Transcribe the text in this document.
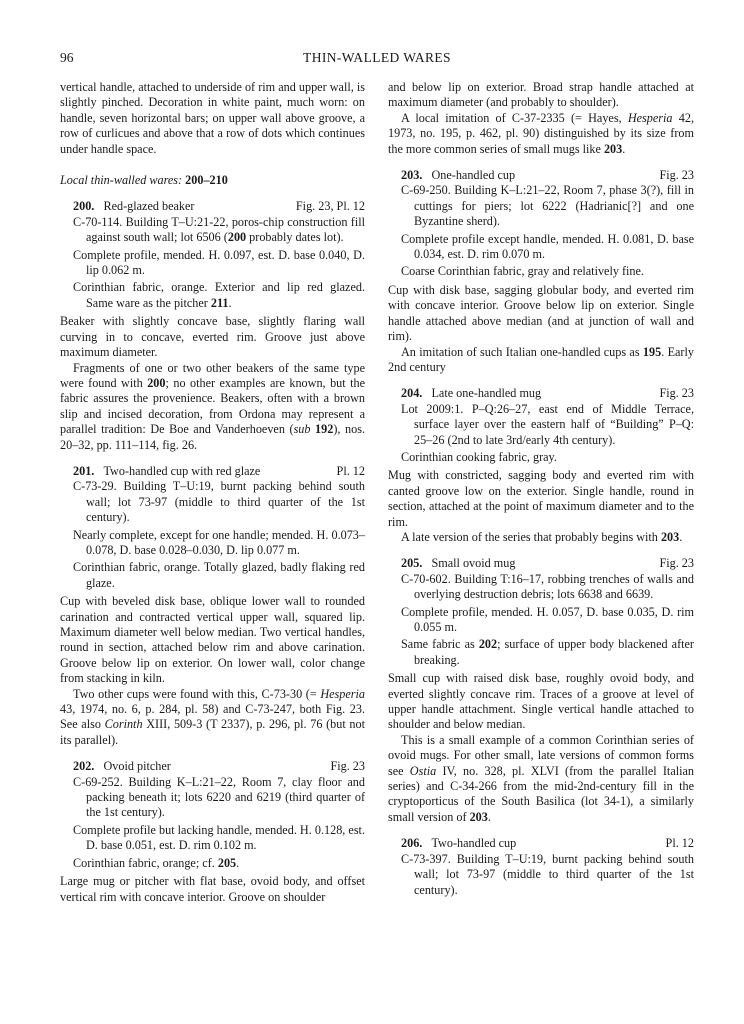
96	THIN-WALLED WARES

vertical handle, attached to underside of rim and upper wall, is slightly pinched. Decoration in white paint, much worn: on handle, seven horizontal bars; on upper wall above groove, a row of curlicues and above that a row of dots which continues under handle space.

Local thin-walled wares: 200–210

200. Red-glazed beaker	Fig. 23, Pl. 12

C-70-114. Building T–U:21-22, poros-chip construction fill against south wall; lot 6506 (200 probably dates lot).

Complete profile, mended. H. 0.097, est. D. base 0.040, D. lip 0.062 m.

Corinthian fabric, orange. Exterior and lip red glazed. Same ware as the pitcher 211.

Beaker with slightly concave base, slightly flaring wall curving in to concave, everted rim. Groove just above maximum diameter.

Fragments of one or two other beakers of the same type were found with 200; no other examples are known, but the fabric assures the provenience. Beakers, often with a brown slip and incised decoration, from Ordona may represent a parallel tradition: De Boe and Vanderhoeven (sub 192), nos. 20–32, pp. 111–114, fig. 26.

201. Two-handled cup with red glaze	Pl. 12

C-73-29. Building T–U:19, burnt packing behind south wall; lot 73-97 (middle to third quarter of the 1st century).

Nearly complete, except for one handle; mended. H. 0.073–0.078, D. base 0.028–0.030, D. lip 0.077 m.

Corinthian fabric, orange. Totally glazed, badly flaking red glaze.

Cup with beveled disk base, oblique lower wall to rounded carination and contracted vertical upper wall, squared lip. Maximum diameter well below median. Two vertical handles, round in section, attached below rim and above carination. Groove below lip on exterior. On lower wall, color change from stacking in kiln.

Two other cups were found with this, C-73-30 (= Hesperia 43, 1974, no. 6, p. 284, pl. 58) and C-73-247, both Fig. 23. See also Corinth XIII, 509-3 (T 2337), p. 296, pl. 76 (but not its parallel).

202. Ovoid pitcher	Fig. 23

C-69-252. Building K–L:21–22, Room 7, clay floor and packing beneath it; lots 6220 and 6219 (third quarter of the 1st century).

Complete profile but lacking handle, mended. H. 0.128, est. D. base 0.051, est. D. rim 0.102 m.

Corinthian fabric, orange; cf. 205.

Large mug or pitcher with flat base, ovoid body, and offset vertical rim with concave interior. Groove on shoulder

and below lip on exterior. Broad strap handle attached at maximum diameter (and probably to shoulder).

A local imitation of C-37-2335 (= Hayes, Hesperia 42, 1973, no. 195, p. 462, pl. 90) distinguished by its size from the more common series of small mugs like 203.

203. One-handled cup	Fig. 23

C-69-250. Building K–L:21–22, Room 7, phase 3(?), fill in cuttings for piers; lot 6222 (Hadrianic[?] and one Byzantine sherd).

Complete profile except handle, mended. H. 0.081, D. base 0.034, est. D. rim 0.070 m.

Coarse Corinthian fabric, gray and relatively fine.

Cup with disk base, sagging globular body, and everted rim with concave interior. Groove below lip on exterior. Single handle attached above median (and at junction of wall and rim).

An imitation of such Italian one-handled cups as 195. Early 2nd century

204. Late one-handled mug	Fig. 23

Lot 2009:1. P–Q:26–27, east end of Middle Terrace, surface layer over the eastern half of “Building” P–Q: 25–26 (2nd to late 3rd/early 4th century).

Corinthian cooking fabric, gray.

Mug with constricted, sagging body and everted rim with canted groove low on the exterior. Single handle, round in section, attached at the point of maximum diameter and to the rim.

A late version of the series that probably begins with 203.

205. Small ovoid mug	Fig. 23

C-70-602. Building T:16–17, robbing trenches of walls and overlying destruction debris; lots 6638 and 6639.

Complete profile, mended. H. 0.057, D. base 0.035, D. rim 0.055 m.

Same fabric as 202; surface of upper body blackened after breaking.

Small cup with raised disk base, roughly ovoid body, and everted slightly concave rim. Traces of a groove at level of upper handle attachment. Single vertical handle attached to shoulder and below median.

This is a small example of a common Corinthian series of ovoid mugs. For other small, late versions of common forms see Ostia IV, no. 328, pl. XLVI (from the parallel Italian series) and C-34-266 from the mid-2nd-century fill in the cryptoporticus of the South Basilica (lot 34-1), a similarly small version of 203.

206. Two-handled cup	Pl. 12

C-73-397. Building T–U:19, burnt packing behind south wall; lot 73-97 (middle to third quarter of the 1st century).
